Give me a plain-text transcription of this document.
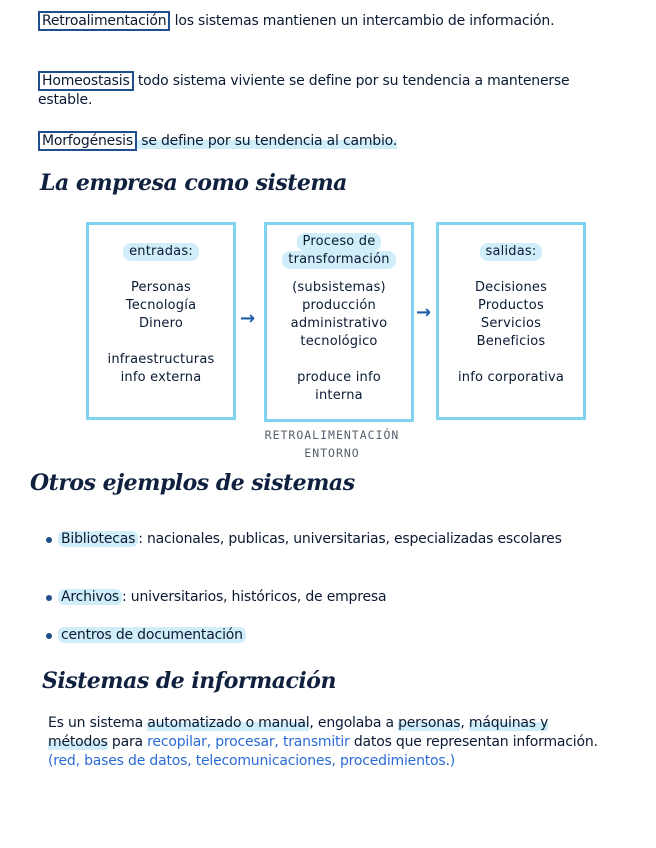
Retroalimentación los sistemas mantienen un intercambio de información.
Homeostasis todo sistema viviente se define por su tendencia a mantenerse estable.
Morfogénesis se define por su tendencia al cambio.
La empresa como sistema
entradas:
Personas
Tecnología
Dinero
infraestructuras
info externa
→
Proceso de
transformación
(subsistemas)
producción
administrativo
tecnológico
produce info
interna
→
salidas:
Decisiones
Productos
Servicios
Beneficios
info corporativa
RETROALIMENTACIÓN
ENTORNO
Otros ejemplos de sistemas
Bibliotecas : nacionales, publicas, universitarias, especializadas escolares
Archivos : universitarios, históricos, de empresa
centros de documentación
Sistemas de información
Es un sistema automatizado o manual, engolaba a personas, máquinas y métodos para recopilar, procesar, transmitir datos que representan información. (red, bases de datos, telecomunicaciones, procedimientos.)
